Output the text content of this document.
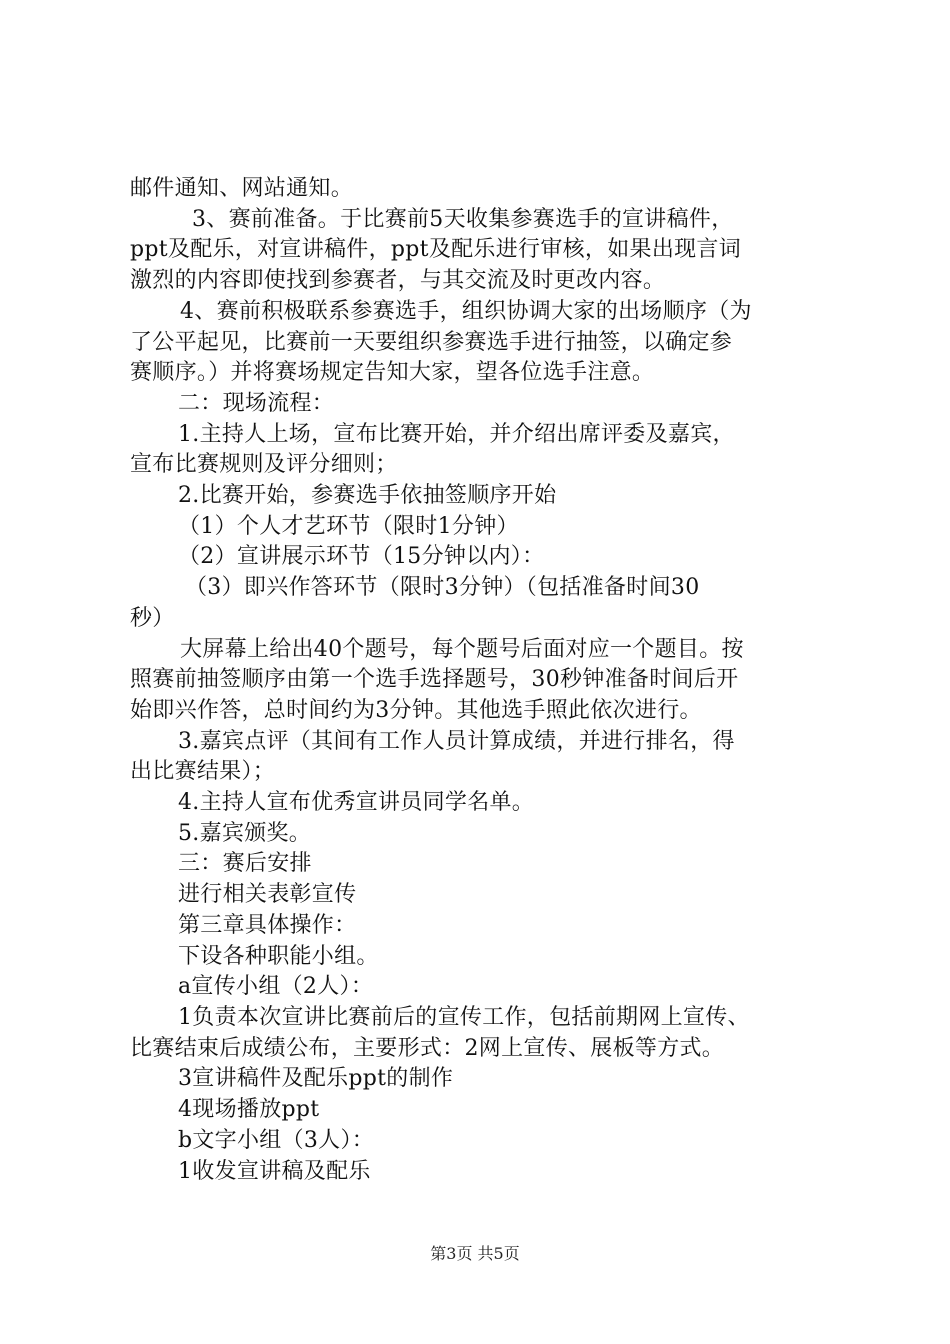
邮件通知、网站通知。
3、赛前准备。于比赛前5天收集参赛选手的宣讲稿件，
ppt及配乐，对宣讲稿件，ppt及配乐进行审核，如果出现言词
激烈的内容即使找到参赛者，与其交流及时更改内容。
4、赛前积极联系参赛选手，组织协调大家的出场顺序（为
了公平起见，比赛前一天要组织参赛选手进行抽签，以确定参
赛顺序。）并将赛场规定告知大家，望各位选手注意。
二：现场流程：
1.主持人上场，宣布比赛开始，并介绍出席评委及嘉宾，
宣布比赛规则及评分细则；
2.比赛开始，参赛选手依抽签顺序开始
（1）个人才艺环节（限时1分钟）
（2）宣讲展示环节（15分钟以内）：
（3）即兴作答环节（限时3分钟）（包括准备时间30
秒）
大屏幕上给出40个题号，每个题号后面对应一个题目。按
照赛前抽签顺序由第一个选手选择题号，30秒钟准备时间后开
始即兴作答，总时间约为3分钟。其他选手照此依次进行。
3.嘉宾点评（其间有工作人员计算成绩，并进行排名，得
出比赛结果）；
4.主持人宣布优秀宣讲员同学名单。
5.嘉宾颁奖。
三：赛后安排
进行相关表彰宣传
第三章具体操作：
下设各种职能小组。
a宣传小组（2人）：
1负责本次宣讲比赛前后的宣传工作，包括前期网上宣传、
比赛结束后成绩公布，主要形式：2网上宣传、展板等方式。
3宣讲稿件及配乐ppt的制作
4现场播放ppt
b文字小组（3人）：
1收发宣讲稿及配乐
第3页 共5页
